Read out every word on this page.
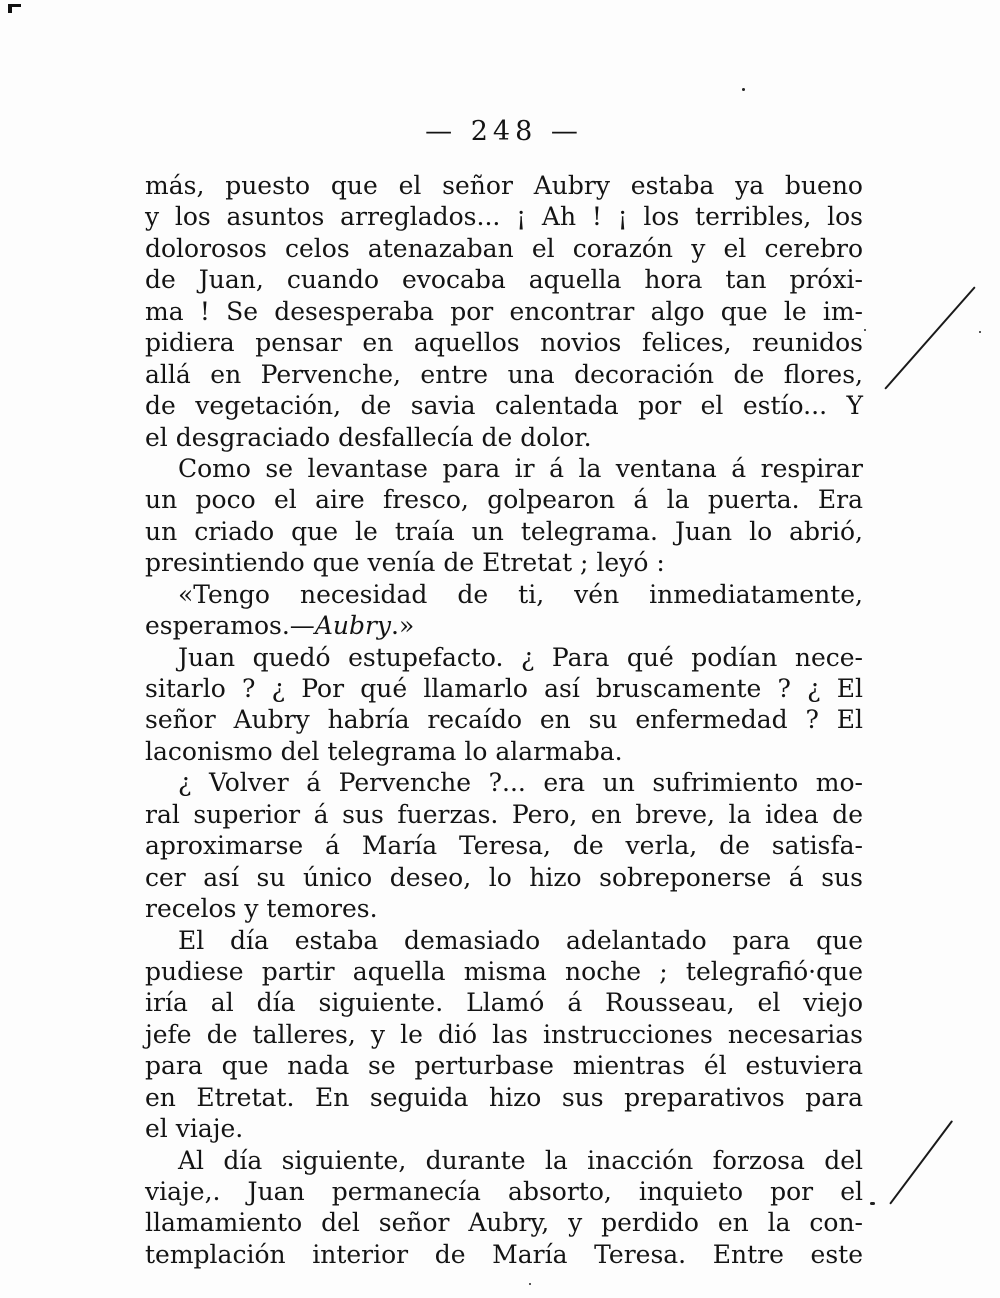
— 248 —
más, puesto que el señor Aubry estaba ya bueno
y los asuntos arreglados... ¡ Ah ! ¡ los terribles, los
dolorosos celos atenazaban el corazón y el cerebro
de Juan, cuando evocaba aquella hora tan próxi-
ma ! Se desesperaba por encontrar algo que le im-
pidiera pensar en aquellos novios felices, reunidos
allá en Pervenche, entre una decoración de flores,
de vegetación, de savia calentada por el estío... Y
el desgraciado desfallecía de dolor.
Como se levantase para ir á la ventana á respirar
un poco el aire fresco, golpearon á la puerta. Era
un criado que le traía un telegrama. Juan lo abrió,
presintiendo que venía de Etretat ; leyó :
«Tengo necesidad de ti, vén inmediatamente,
esperamos.—Aubry.»
Juan quedó estupefacto. ¿ Para qué podían nece-
sitarlo ? ¿ Por qué llamarlo así bruscamente ? ¿ El
señor Aubry habría recaído en su enfermedad ? El
laconismo del telegrama lo alarmaba.
¿ Volver á Pervenche ?... era un sufrimiento mo-
ral superior á sus fuerzas. Pero, en breve, la idea de
aproximarse á María Teresa, de verla, de satisfa-
cer así su único deseo, lo hizo sobreponerse á sus
recelos y temores.
El día estaba demasiado adelantado para que
pudiese partir aquella misma noche ; telegrafió·que
iría al día siguiente. Llamó á Rousseau, el viejo
jefe de talleres, y le dió las instrucciones necesarias
para que nada se perturbase mientras él estuviera
en Etretat. En seguida hizo sus preparativos para
el viaje.
Al día siguiente, durante la inacción forzosa del
viaje,. Juan permanecía absorto, inquieto por el
llamamiento del señor Aubry, y perdido en la con-
templación interior de María Teresa. Entre este
